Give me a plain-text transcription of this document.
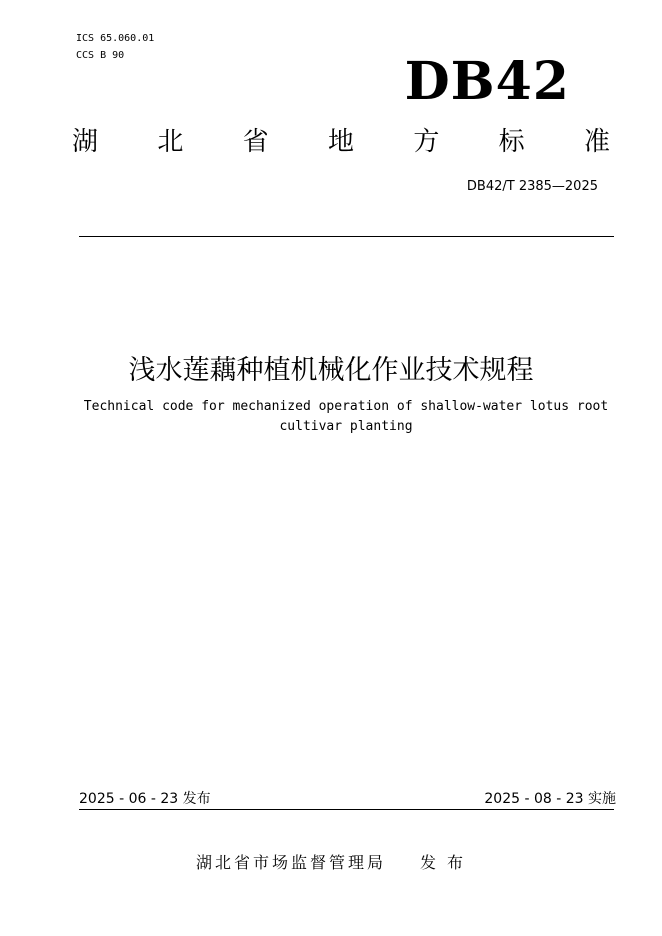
ICS 65.060.01
CCS B 90	DB42
湖 北 省 地 方 标 准
DB42/T 2385—2025
浅水莲藕种植机械化作业技术规程
Technical code for mechanized operation of shallow-water lotus root cultivar planting
2025 - 06 - 23 发布	2025 - 08 - 23 实施
湖北省市场监督管理局 发 布
